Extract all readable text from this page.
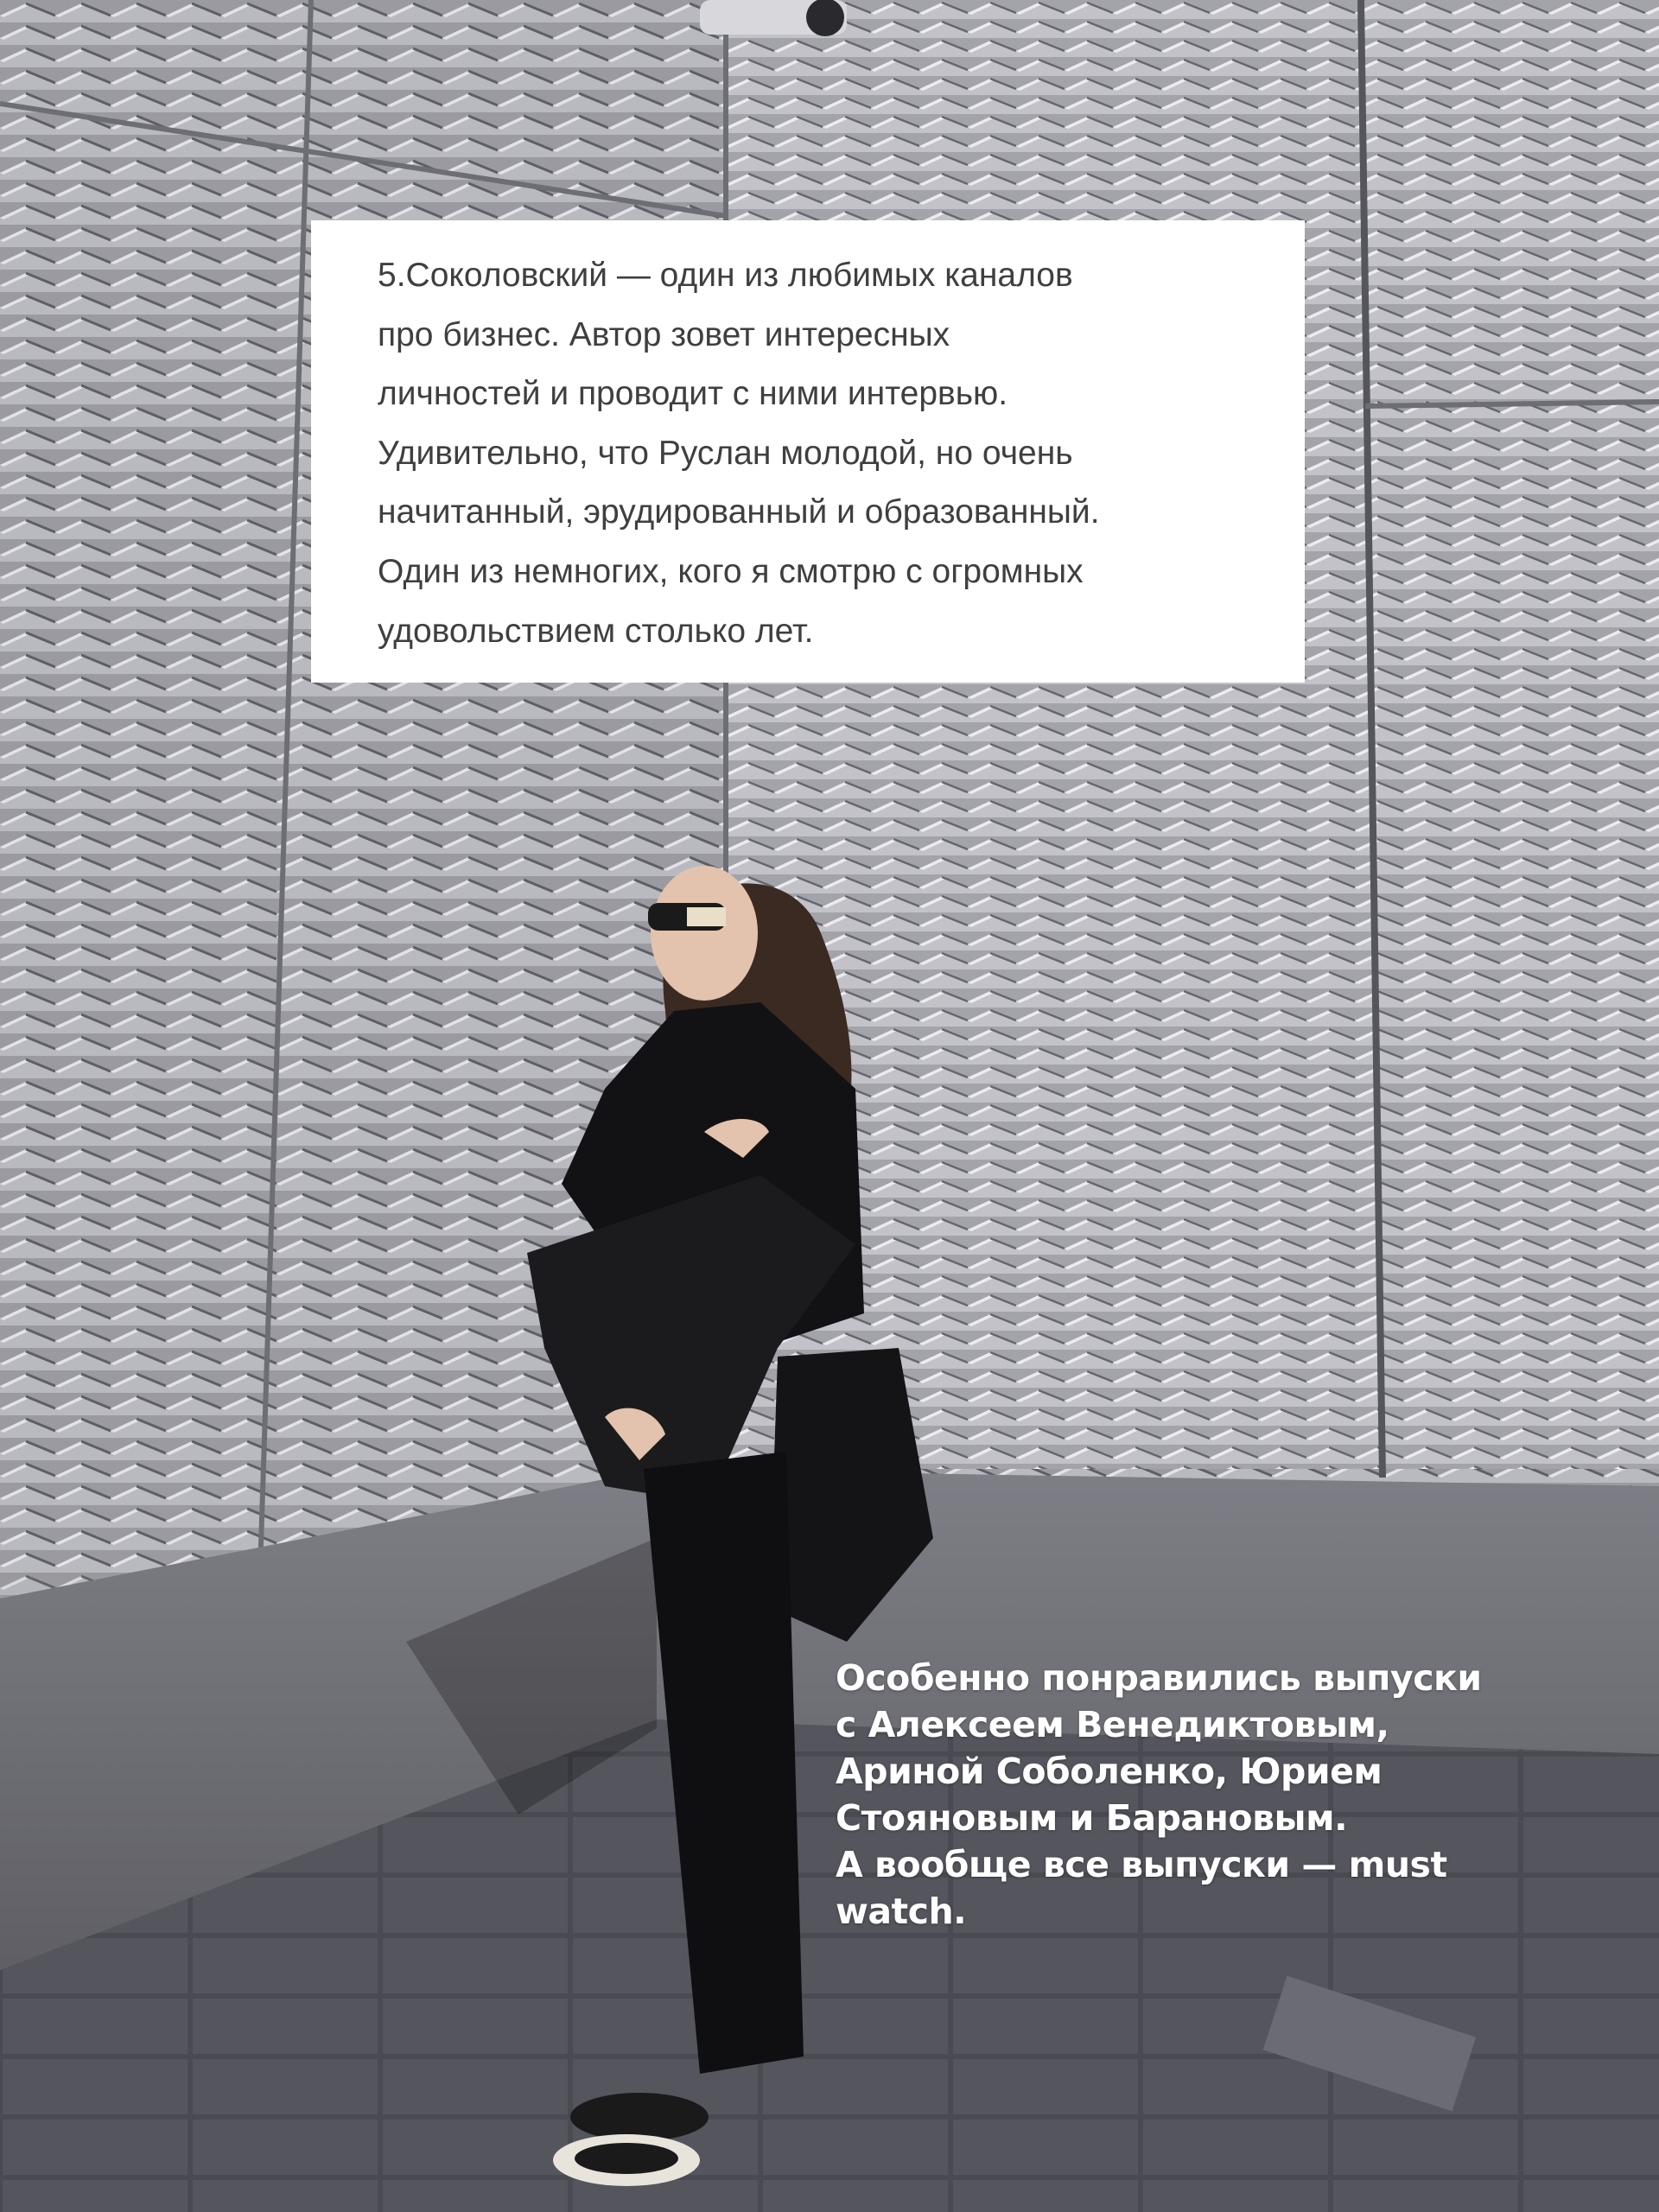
5.Соколовский — один из любимых каналов
про бизнес. Автор зовет интересных
личностей и проводит с ними интервью.
Удивительно, что Руслан молодой, но очень
начитанный, эрудированный и образованный.
Один из немногих, кого я смотрю с огромных
удовольствием столько лет.

Особенно понравились выпуски
с Алексеем Венедиктовым,
Ариной Соболенко, Юрием
Стояновым и Барановым.
А вообще все выпуски — must
watch.
